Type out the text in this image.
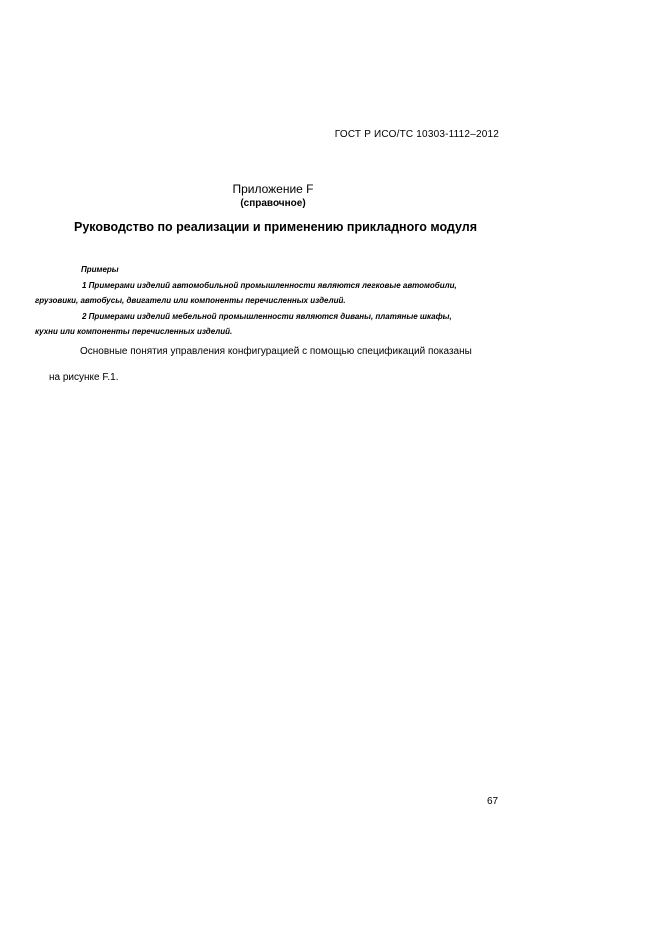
ГОСТ Р ИСО/ТС 10303-1112–2012
Приложение F
(справочное)
Руководство по реализации и применению прикладного модуля
Примеры
1 Примерами изделий автомобильной промышленности являются легковые автомобили,
грузовики, автобусы, двигатели или компоненты перечисленных изделий.
2 Примерами изделий мебельной промышленности являются диваны, платяные шкафы,
кухни или компоненты перечисленных изделий.
Основные понятия управления конфигурацией с помощью спецификаций показаны
на рисунке F.1.
67
